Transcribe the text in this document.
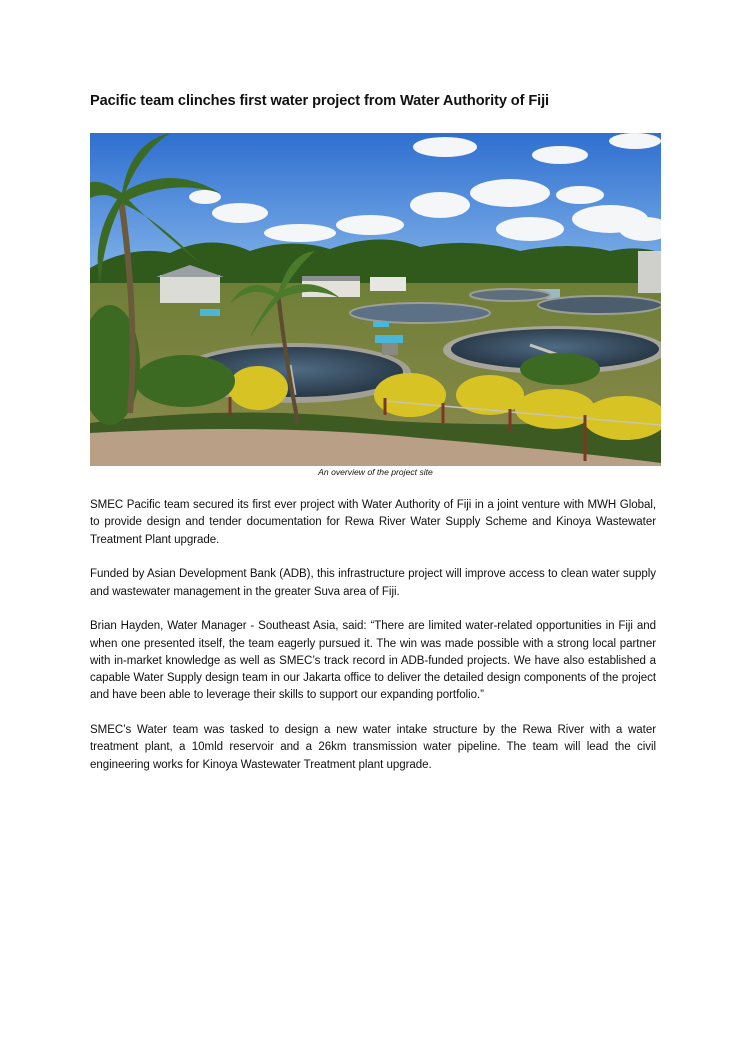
Pacific team clinches first water project from Water Authority of Fiji
An overview of the project site

SMEC Pacific team secured its first ever project with Water Authority of Fiji in a joint venture with MWH Global, to provide design and tender documentation for Rewa River Water Supply Scheme and Kinoya Wastewater Treatment Plant upgrade.

Funded by Asian Development Bank (ADB), this infrastructure project will improve access to clean water supply and wastewater management in the greater Suva area of Fiji.

Brian Hayden, Water Manager - Southeast Asia, said: “There are limited water-related opportunities in Fiji and when one presented itself, the team eagerly pursued it. The win was made possible with a strong local partner with in-market knowledge as well as SMEC’s track record in ADB-funded projects. We have also established a capable Water Supply design team in our Jakarta office to deliver the detailed design components of the project and have been able to leverage their skills to support our expanding portfolio.”

SMEC’s Water team was tasked to design a new water intake structure by the Rewa River with a water treatment plant, a 10mld reservoir and a 26km transmission water pipeline. The team will lead the civil engineering works for Kinoya Wastewater Treatment plant upgrade.
